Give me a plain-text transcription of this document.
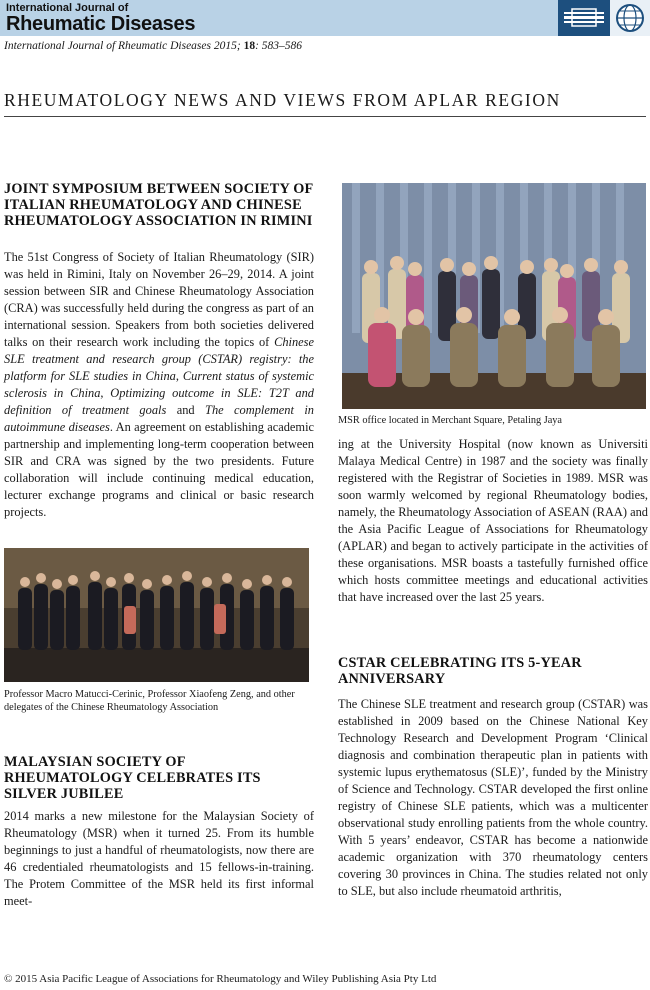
International Journal of
Rheumatic Diseases
International Journal of Rheumatic Diseases 2015; 18: 583–586
RHEUMATOLOGY NEWS AND VIEWS FROM APLAR REGION
JOINT SYMPOSIUM BETWEEN SOCIETY OF ITALIAN RHEUMATOLOGY AND CHINESE RHEUMATOLOGY ASSOCIATION IN RIMINI

The 51st Congress of Society of Italian Rheumatology (SIR) was held in Rimini, Italy on November 26–29, 2014. A joint session between SIR and Chinese Rheumatology Association (CRA) was successfully held during the congress as part of an international session. Speakers from both societies delivered talks on their research work including the topics of Chinese SLE treatment and research group (CSTAR) registry: the platform for SLE studies in China, Current status of systemic sclerosis in China, Optimizing outcome in SLE: T2T and definition of treatment goals and The complement in autoimmune diseases. An agreement on establishing academic partnership and implementing long-term cooperation between SIR and CRA was signed by the two presidents. Future collaboration will include continuing medical education, lecturer exchange programs and clinical or basic research projects.

Professor Macro Matucci-Cerinic, Professor Xiaofeng Zeng, and other delegates of the Chinese Rheumatology Association

MALAYSIAN SOCIETY OF RHEUMATOLOGY CELEBRATES ITS SILVER JUBILEE

2014 marks a new milestone for the Malaysian Society of Rheumatology (MSR) when it turned 25. From its humble beginnings to just a handful of rheumatologists, now there are 46 credentialed rheumatologists and 15 fellows-in-training. The Protem Committee of the MSR held its first informal meet-

MSR office located in Merchant Square, Petaling Jaya

ing at the University Hospital (now known as Universiti Malaya Medical Centre) in 1987 and the society was finally registered with the Registrar of Societies in 1989. MSR was soon warmly welcomed by regional Rheumatology bodies, namely, the Rheumatology Association of ASEAN (RAA) and the Asia Pacific League of Associations for Rheumatology (APLAR) and began to actively participate in the activities of these organisations. MSR boasts a tastefully furnished office which hosts committee meetings and educational activities that have increased over the last 25 years.

CSTAR CELEBRATING ITS 5-YEAR ANNIVERSARY

The Chinese SLE treatment and research group (CSTAR) was established in 2009 based on the Chinese National Key Technology Research and Development Program ‘Clinical diagnosis and combination therapeutic plan in patients with systemic lupus erythematosus (SLE)’, funded by the Ministry of Science and Technology. CSTAR developed the first online registry of Chinese SLE patients, which was a multicenter observational study enrolling patients from the whole country. With 5 years’ endeavor, CSTAR has become a nationwide academic organization with 370 rheumatology centers covering 30 provinces in China. The studies related not only to SLE, but also include rheumatoid arthritis,

© 2015 Asia Pacific League of Associations for Rheumatology and Wiley Publishing Asia Pty Ltd
